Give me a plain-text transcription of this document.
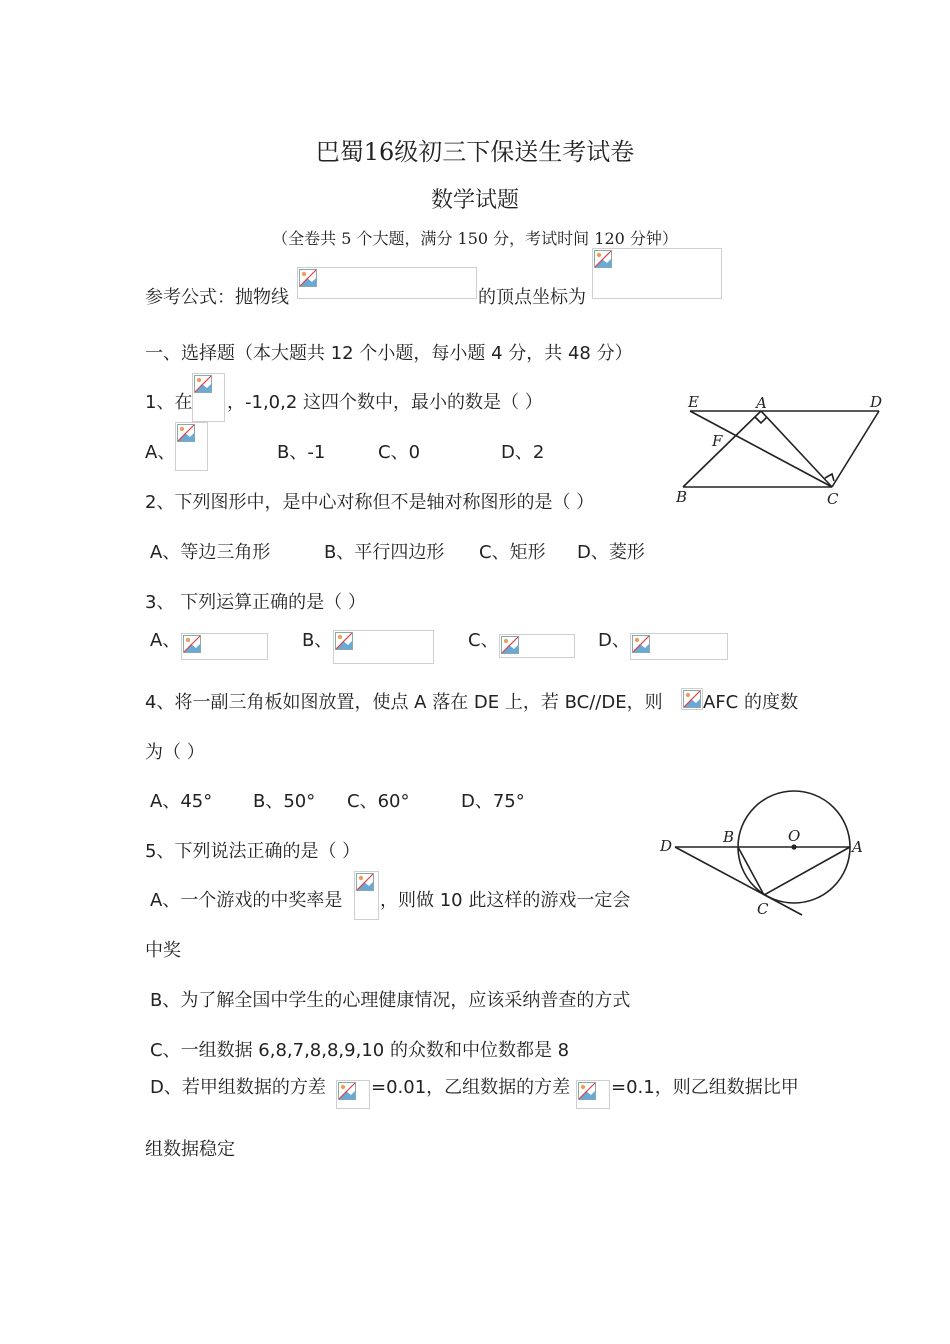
巴蜀16级初三下保送生考试卷
数学试题
（全卷共 5 个大题，满分 150 分，考试时间 120 分钟）
参考公式：抛物线	的顶点坐标为
一、选择题（本大题共 12 个小题，每小题 4 分，共 48 分）
1、在 ，-1,0,2 这四个数中，最小的数是（ ）
A、	B、-1	C、0	D、2
E	A	D
F
B	C
2、下列图形中，是中心对称但不是轴对称图形的是（ ）
A、等边三角形	B、平行四边形 C、矩形 D、菱形
3、 下列运算正确的是（ ）
A、	B、	C、	D、
4、将一副三角板如图放置，使点 A 落在 DE 上，若 BC//DE，则 AFC 的度数
为（ ）
A、45° B、50° C、60°	D、75°
D	B	O
A
C
5、下列说法正确的是（ ）
A、一个游戏的中奖率是 ，则做 10 此这样的游戏一定会
中奖
B、为了解全国中学生的心理健康情况，应该采纳普查的方式
C、一组数据 6,8,7,8,8,9,10 的众数和中位数都是 8
D、若甲组数据的方差	=0.01，乙组数据的方差 =0.1，则乙组数据比甲
组数据稳定
